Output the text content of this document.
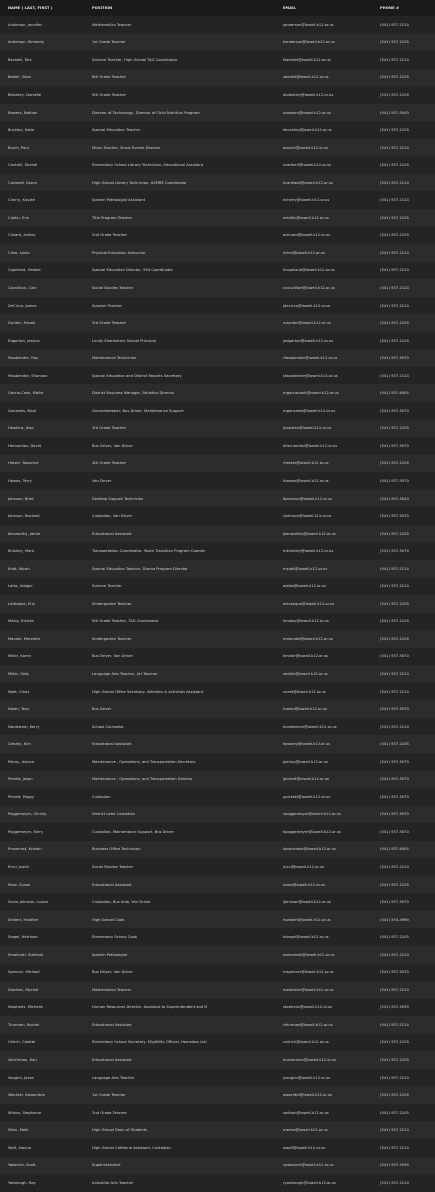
NAME ( LAST, FIRST )	POSITION	EMAIL	PHONE #
Anderson, Jennifer	Mathematics Teacher	janderson@lowell.k12.or.us	(541) 937-2124
Anderson, Kimberly	1st Grade Teacher	kanderson@lowell.k12.or.us	(541) 937-2105
Beckett, Toni	Science Teacher, High School TAG Coordinator	tbeckett@lowell.k12.or.us	(541) 937-2124
Bedell, Sean	6th Grade Teacher	sbedell@lowell.k12.or.us	(541) 937-2105
Blankley, Danielle	5th Grade Teacher	dblankley@lowell.k12.or.us	(541) 937-2105
Bowers, Nathan	Director of Technology, Director of Child Nutrition Program	nbowers@lowell.k12.or.us	(541) 937-5040
Buckley, Katie	Special Education Teacher	kbuckley@lowell.k12.or.us	(541) 937-2105
Burch, Paul	Music Teacher, Music Events Director	pburch@lowell.k12.or.us	(541) 937-2124
Cantrell, Shanel	Elementary School Library Technician, Educational Assistant	scantrell@lowell.k12.or.us	(541) 937-2105
Cardwell, Karen	High School Library Technician, ASPIRE Coordinator	kcardwell@lowell.k12.or.us	(541) 937-2124
Cherry, Kaylee	Speech Pathologist Assistant	kcherry@lowell.k12.or.us	(541) 937-2124
Clatlin, Erin	Title Program Teacher	eclatlin@lowell.k12.or.us	(541) 937-2105
Clinard, Ashley	2nd Grade Teacher	aclinard@lowell.k12.or.us	(541) 937-2105
Cline, Lantz	Physical Education Instructor	lcline@lowell.k12.or.us	(541) 937-2124
Copeland, Haidee	Special Education Director, 504 Coordinator	hcopeland@lowell.k12.or.us	(541) 937-2124
Couvillion, Cole	Social Studies Teacher	ccouvillion@lowell.k12.or.us	(541) 937-2124
DeCicco, James	Spanish Teacher	jdecicco@lowell.k12.or.us	(541) 937-2124
Durden, Nicole	3rd Grade Teacher	ndurden@lowell.k12.or.us	(541) 937-2105
Edgerton, Jessica	Lundy Elementary School Principal	jedgerton@lowell.k12.or.us	(541) 937-2105
Fassbender, Ray	Maintenance Technician	rfassbender@lowell.k12.or.us	(541) 937-5070
Fassbender, Shannon	Special Education and District Reports Secretary	sfassbender@lowell.k12.or.us	(541) 937-2124
Garcia-Cash, Mollie	District Business Manager, Athletics Director	mgarciacash@lowell.k12.or.us	(541) 937-8405
Gonzales, Mark	Groundskeeper, Bus Driver, Maintenance Support	mgonzales@lowell.k12.or.us	(541) 937-5070
Hawkins, Jhan	3rd Grade Teacher	jhawkins@lowell.k12.or.us	(541) 937-2105
Hernandez, David	Bus Driver, Van Driver	dhernandez@lowell.k12.or.us	(541) 937-5070
Hetzer, Roxanne	4th Grade Teacher	rhetzer@lowell.k12.or.us	(541) 937-2105
Howes, Terry	Van Driver	thowes@lowell.k12.or.us	(541) 937-5070
Johnson, Brad	Desktop Support Technician	bjohnson@lowell.k12.or.us	(541) 937-5040
Johnson, Racheal	Custodian, Van Driver	rjohnson@lowell.k12.or.us	(541) 937-5070
Kenworthy, Jamie	Educational Assistant	jkenworthy@lowell.k12.or.us	(541) 937-2105
Kintzley, Mark	Transportation Coordinator, Youth Transition Program Coordin	mkintzley@lowell.k12.or.us	(541) 937-5070
Klatt, Micah	Special Education Teacher, Drama Program Director	mklatt@lowell.k12.or.us	(541) 937-2124
Latta, Adagio	Science Teacher	alatta@lowell.k12.or.us	(541) 937-2124
LeVesque, Erin	Kindergarten Teacher	elevesque@lowell.k12.or.us	(541) 937-2105
Maloy, Kristen	5th Grade Teacher, TAG Coordinator	kmaloy@lowell.k12.or.us	(541) 937-2105
Mandel, Meredith	Kindergarten Teacher	mmandel@lowell.k12.or.us	(541) 937-2105
Miller, Karen	Bus Driver, Van Driver	kmiller@lowell.k12.or.us	(541) 937-5070
Miller, Sally	Language Arts Teacher, Art Teacher	smiller@lowell.k12.or.us	(541) 937-2124
Neet, Cindy	High School Office Secretary, Athletics & Activities Assistant	cneet@lowell.k12.or.us	(541) 937-2124
Nolan, Tony	Bus Driver	tnolan@lowell.k12.or.us	(541) 937-5070
Nordstrom, Kerry	School Counselor	knordstrom@lowell.k12.or.us	(541) 937-2124
Owsley, Kim	Educational Assistant	kowsley@lowell.k12.or.us	(541) 937-2105
Pelroy, Jessica	Maintenance , Operations, and Transportation Secretary	jpelroy@lowell.k12.or.us	(541) 937-5070
Pickett, Jason	Maintenance , Operations, and Transportation Director	jpickett@lowell.k12.or.us	(541) 937-5070
Pickett, Peggy	Custodian	ppickett@lowell.k12.or.us	(541) 937-5070
Poggemeyer, Christy	District Lead Custodian	cpoggemeyer@lowell.k12.or.us	(541) 937-5070
Poggemeyer, Kerry	Custodian, Maintenance Support, Bus Driver	kpoggemeyer@lowell.k12.or.us	(541) 937-5070
Provenost, Kristen	Business Office Technician	kprovenost@lowell.k12.or.us	(541) 937-8405
Ricci, Justin	Social Studies Teacher	jricci@lowell.k12.or.us	(541) 937-2124
Rose, Susan	Educational Assistant	srose@lowell.k12.or.us	(541) 937-2105
Savio-Johnson, Louise	Custodian, Bus Aide, Van Driver	ljohnson@lowell.k12.or.us	(541) 937-5070
Seibert, Heather	High School Cook	hseibert@lowell.k12.or.us	(541) 554-4969
Siegel, Hertinda	Elementary School Cook	hsiegel@lowell.k12.or.us	(541) 937-2105
Smolinski, Stefanie	Speech Pathologist	ssmolinski@lowell.k12.or.us	(541) 937-2124
Spencer, Michael	Bus Driver, Van Driver	mspencer@lowell.k12.or.us	(541) 937-5070
Steckler, Mychel	Mathematics Teacher	msteckler@lowell.k12.or.us	(541) 937-2124
Stephens, Michelle	Human Resources Director, Assistant to Superintendent and B	stephens@lowell.k12.or.us	(541) 937-5095
Thurman, Rachel	Educational Assistant	rthurman@lowell.k12.or.us	(541) 937-2124
Ullrich, Colette	Elementary School Secretary, Eligibility Official, Homeless Liai	cullrich@lowell.k12.or.us	(541) 937-2105
VanOrman, Kari	Educational Assistant	kvanorman@lowell.k12.or.us	(541) 937-2105
Vaughn, Jesse	Language Arts Teacher	jvaughn@lowell.k12.or.us	(541) 937-2124
Wachtel, Alexandria	1st Grade Teacher	awachtel@lowell.k12.or.us	(541) 937-2105
Wilson, Stephanie	2nd Grade Teacher	swilson@lowell.k12.or.us	(541) 937-2105
Winn, Matt	High School Dean of Students	mwinn@lowell.k12.or.us	(541) 937-2124
Wolf, Alanna	High School Cafeteria Assistant, Custodian	awolf@lowell.k12.or.us	(541) 937-2124
Yakovich, Scott	Superintendent	syakovich@lowell.k12.or.us	(541) 937-5095
Yarbrough, Ray	Industrial Arts Teacher	ryarbrough@lowell.k12.or.us	(541) 937-2124
